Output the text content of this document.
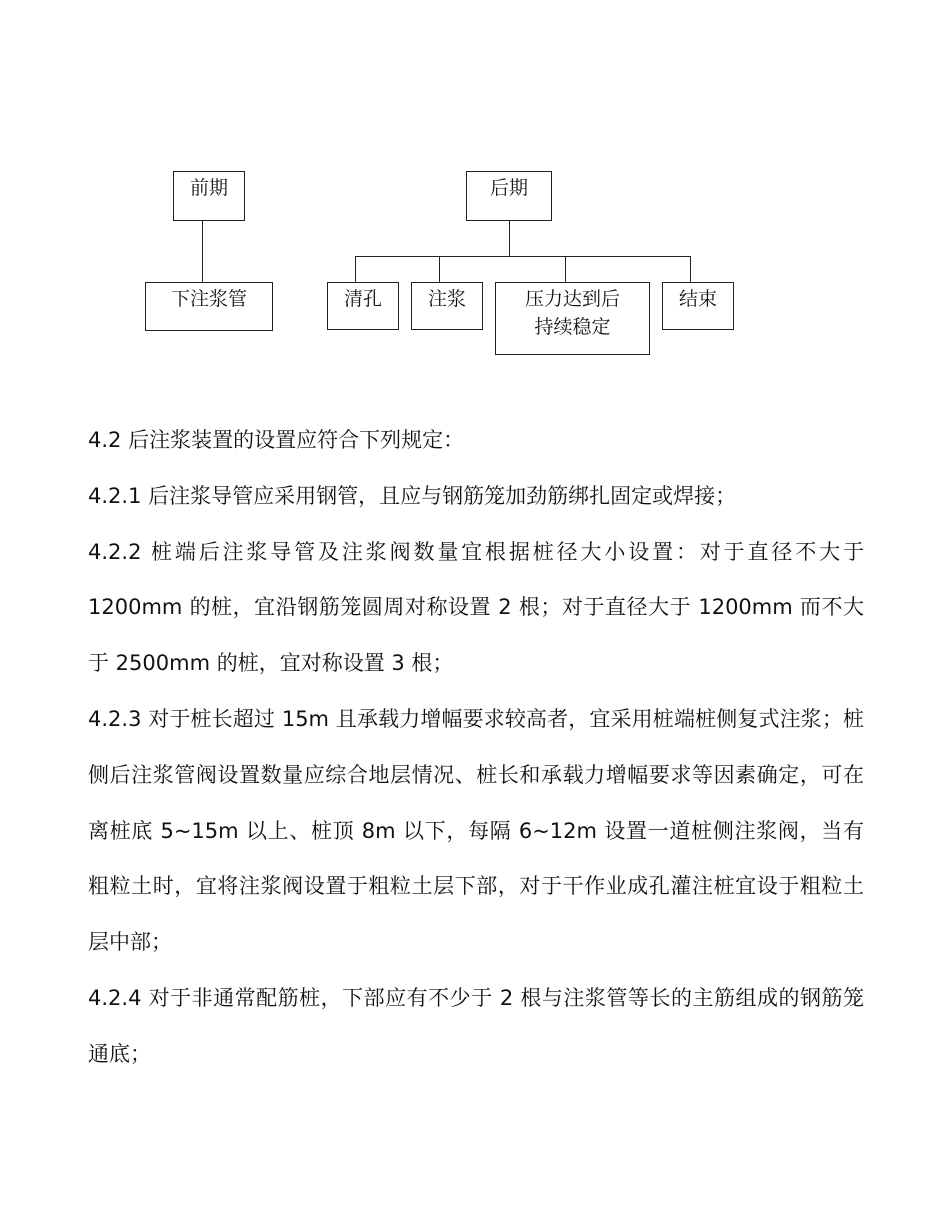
前期
下注浆管
后期
清孔	注浆	压力达到后
持续稳定
结束

4.2 后注浆装置的设置应符合下列规定：

4.2.1 后注浆导管应采用钢管，且应与钢筋笼加劲筋绑扎固定或焊接；

4.2.2 桩端后注浆导管及注浆阀数量宜根据桩径大小设置：对于直径不大于 1200mm 的桩，宜沿钢筋笼圆周对称设置 2 根；对于直径大于 1200mm 而不大于 2500mm 的桩，宜对称设置 3 根；

4.2.3 对于桩长超过 15m 且承载力增幅要求较高者，宜采用桩端桩侧复式注浆；桩侧后注浆管阀设置数量应综合地层情况、桩长和承载力增幅要求等因素确定，可在离桩底 5~15m 以上、桩顶 8m 以下，每隔 6~12m 设置一道桩侧注浆阀，当有粗粒土时，宜将注浆阀设置于粗粒土层下部，对于干作业成孔灌注桩宜设于粗粒土层中部；

4.2.4 对于非通常配筋桩，下部应有不少于 2 根与注浆管等长的主筋组成的钢筋笼通底；
